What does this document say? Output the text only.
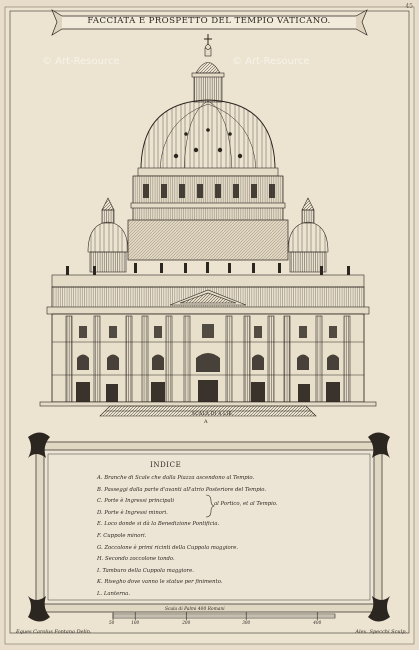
FACCIATA E PROSPETTO DEL TEMPIO VATICANO.
45
© Art-Resource	© Art-Resource
SCALA DI 4 LIB.
A
INDICE
A. Branche di Scale che dalla Piazza ascendono al Tempio.
B. Passeggi dalla parte d'avanti all'atrio Posteriore del Tempio.
C. Porte è Ingressi principali
D. Porte è Ingressi minori.
E. Loco donde si dà la Benedizione Pontificia.
F. Cuppole minori.
G. Zoccolone è primi ricinti della Cuppola maggiore.
H. Secondo zoccolone tondo.
I. Tamburo della Cuppola maggiore.
K. Risegho dove vanno le statue per finimento.
L. Lanterna.
al Portico, et al Tempio.
Scala di Palmi 400 Romani
50	100	200	300	400
Eques Carolus Fontana Delin.	Alex. Specchi Sculp.
